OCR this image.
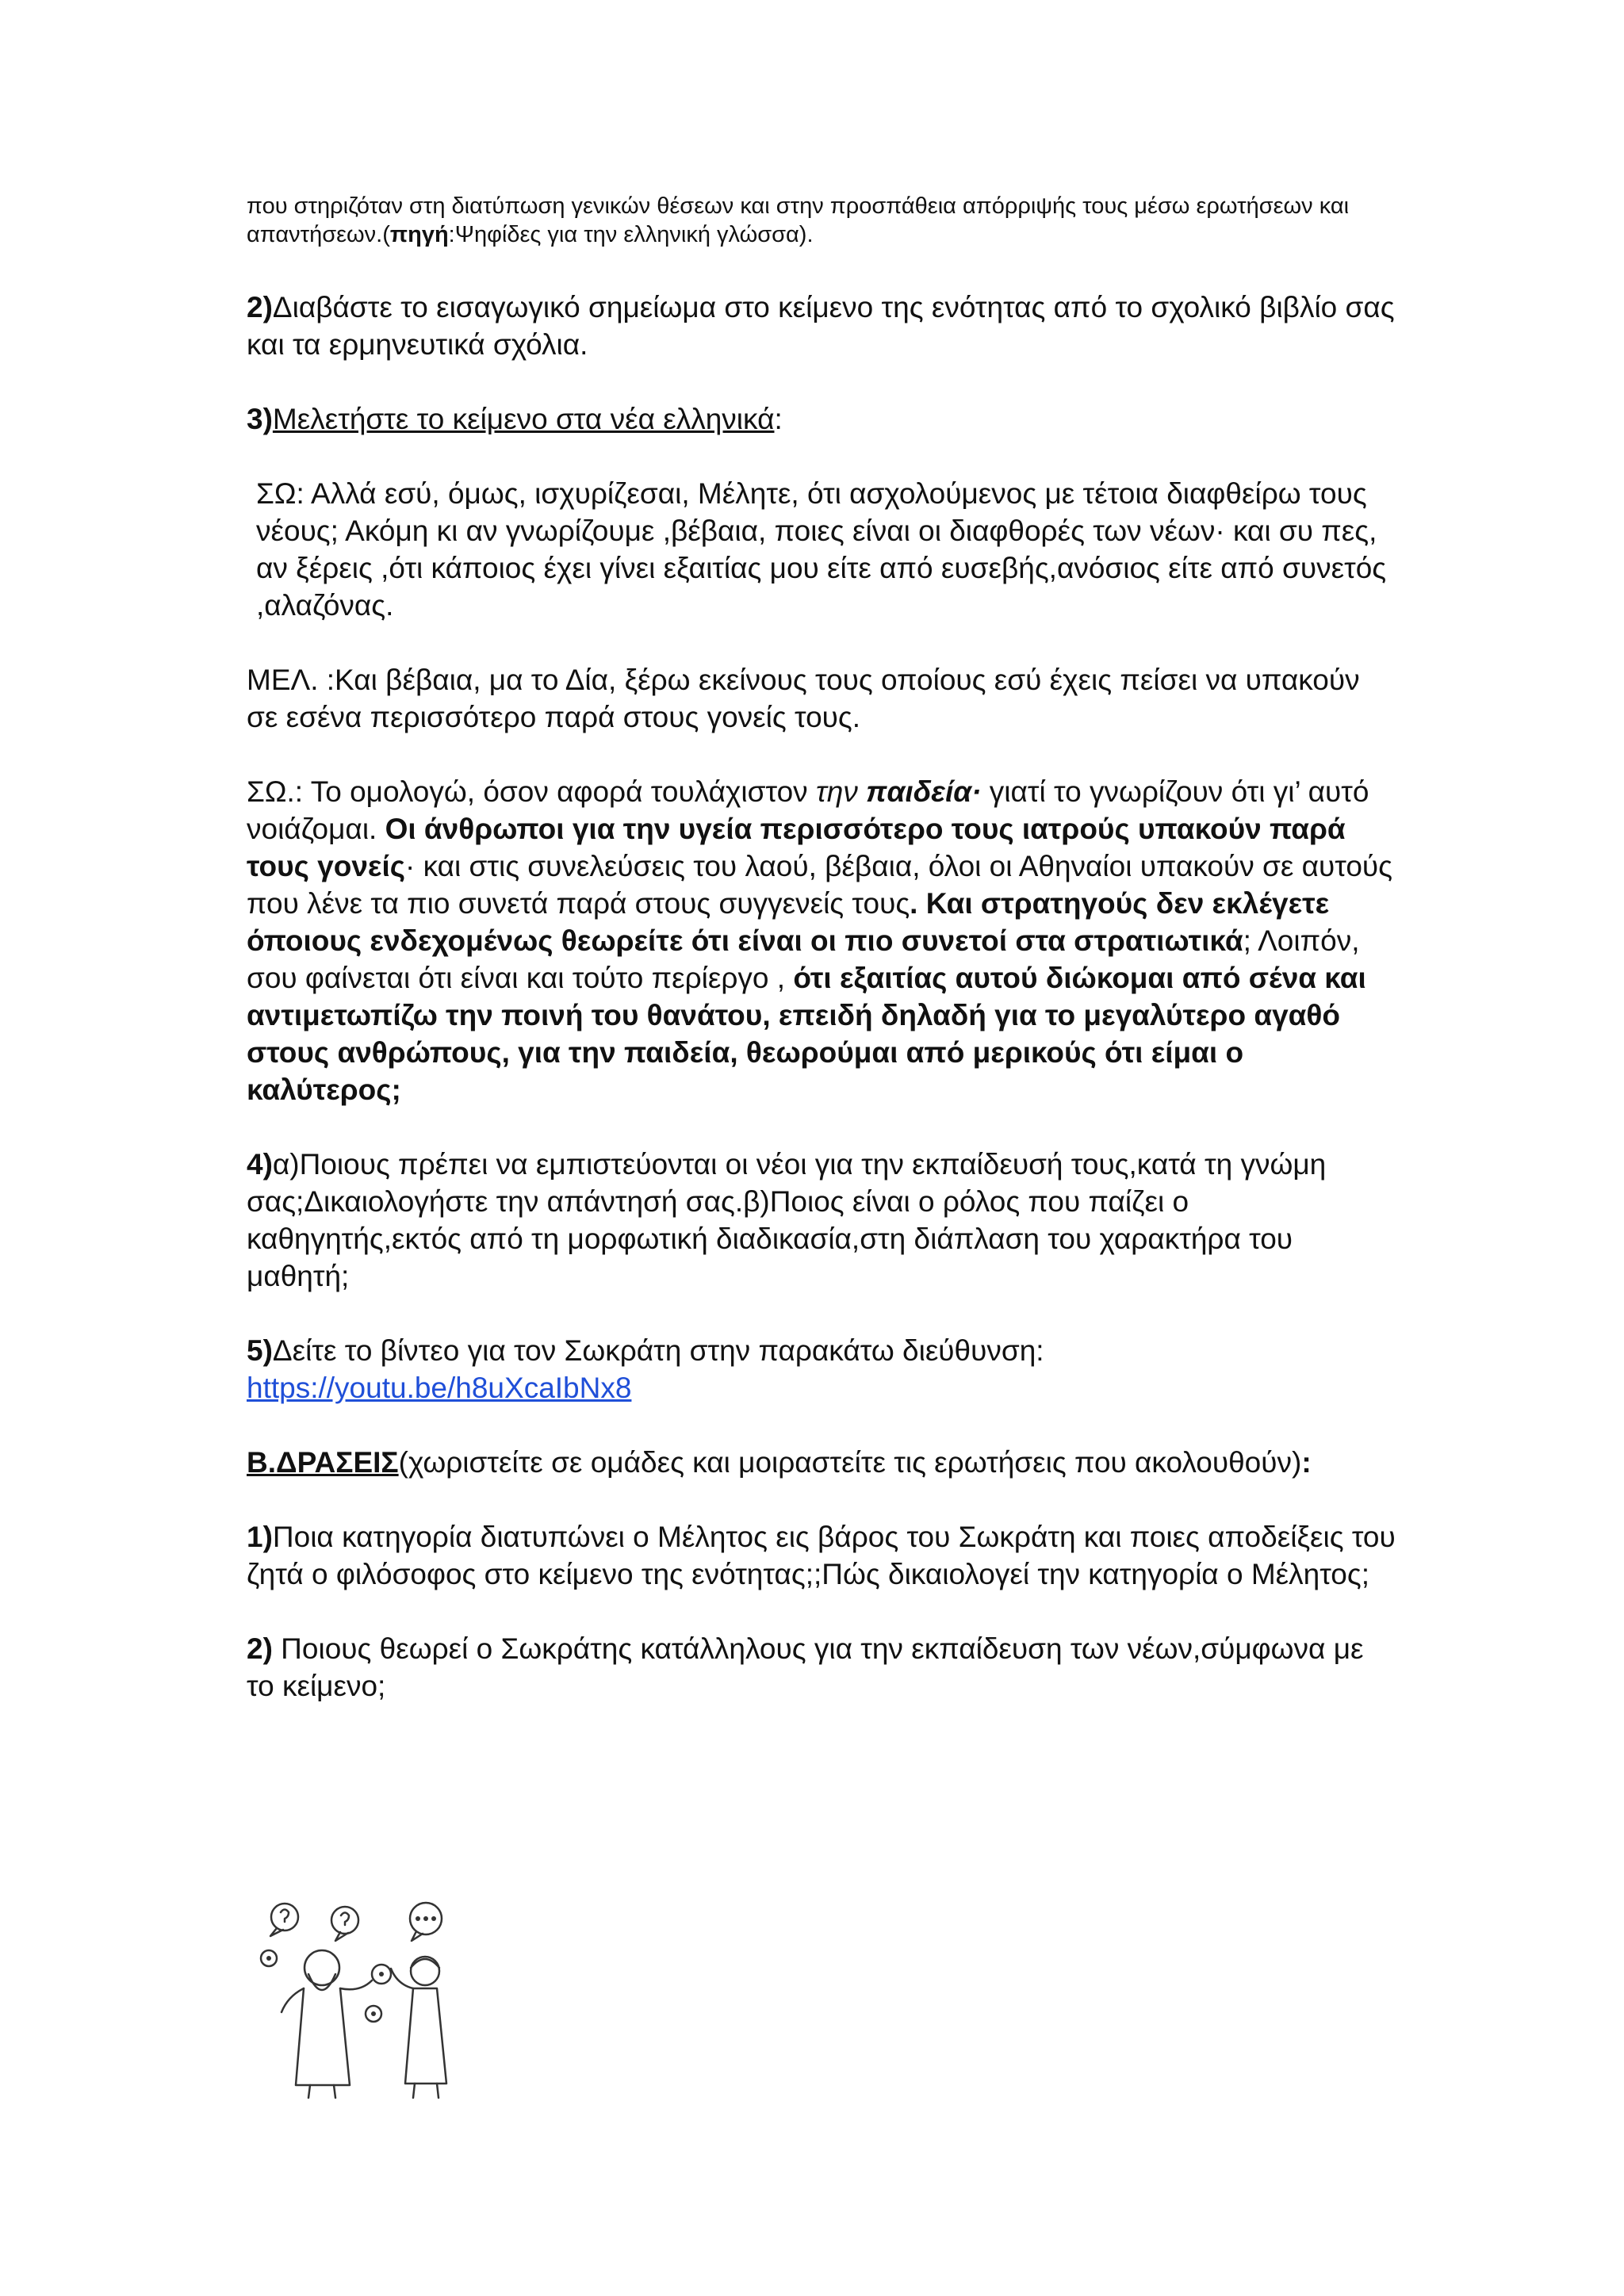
που στηριζόταν στη διατύπωση γενικών θέσεων και στην προσπάθεια απόρριψής τους μέσω ερωτήσεων και απαντήσεων.(πηγή:Ψηφίδες για την ελληνική γλώσσα).

2)Διαβάστε το εισαγωγικό σημείωμα στο κείμενο της ενότητας από το σχολικό βιβλίο σας και τα ερμηνευτικά σχόλια.

3)Μελετήστε το κείμενο στα νέα ελληνικά:

ΣΩ: Αλλά εσύ, όμως, ισχυρίζεσαι, Μέλητε, ότι ασχολούμενος με τέτοια διαφθείρω τους νέους; Ακόμη κι αν γνωρίζουμε ,βέβαια, ποιες είναι οι διαφθορές των νέων· και συ πες, αν ξέρεις ,ότι κάποιος έχει γίνει εξαιτίας μου είτε από ευσεβής,ανόσιος είτε από συνετός ,αλαζόνας.

ΜΕΛ. :Και βέβαια, μα το Δία, ξέρω εκείνους τους οποίους εσύ έχεις πείσει να υπακούν σε εσένα περισσότερο παρά στους γονείς τους.

ΣΩ.: Το ομολογώ, όσον αφορά τουλάχιστον την παιδεία· γιατί το γνωρίζουν ότι γι’ αυτό νοιάζομαι. Οι άνθρωποι για την υγεία περισσότερο τους ιατρούς υπακούν παρά τους γονείς· και στις συνελεύσεις του λαού, βέβαια, όλοι οι Αθηναίοι υπακούν σε αυτούς που λένε τα πιο συνετά παρά στους συγγενείς τους. Και στρατηγούς δεν εκλέγετε όποιους ενδεχομένως θεωρείτε ότι είναι οι πιο συνετοί στα στρατιωτικά; Λοιπόν, σου φαίνεται ότι είναι και τούτο περίεργο , ότι εξαιτίας αυτού διώκομαι από σένα και αντιμετωπίζω την ποινή του θανάτου, επειδή δηλαδή για το μεγαλύτερο αγαθό στους ανθρώπους, για την παιδεία, θεωρούμαι από μερικούς ότι είμαι ο καλύτερος;

4)α)Ποιους πρέπει να εμπιστεύονται οι νέοι για την εκπαίδευσή τους,κατά τη γνώμη σας;Δικαιολογήστε την απάντησή σας.β)Ποιος είναι ο ρόλος που παίζει ο καθηγητής,εκτός από τη μορφωτική διαδικασία,στη διάπλαση του χαρακτήρα του μαθητή;

5)Δείτε το βίντεο για τον Σωκράτη στην παρακάτω διεύθυνση:
https://youtu.be/h8uXcaIbNx8

Β.ΔΡΑΣΕΙΣ(χωριστείτε σε ομάδες και μοιραστείτε τις ερωτήσεις που ακολουθούν):

1)Ποια κατηγορία διατυπώνει ο Μέλητος εις βάρος του Σωκράτη και ποιες αποδείξεις του ζητά ο φιλόσοφος στο κείμενο της ενότητας;;Πώς δικαιολογεί την κατηγορία ο Μέλητος;

2) Ποιους θεωρεί ο Σωκράτης κατάλληλους για την εκπαίδευση των νέων,σύμφωνα με το κείμενο;
